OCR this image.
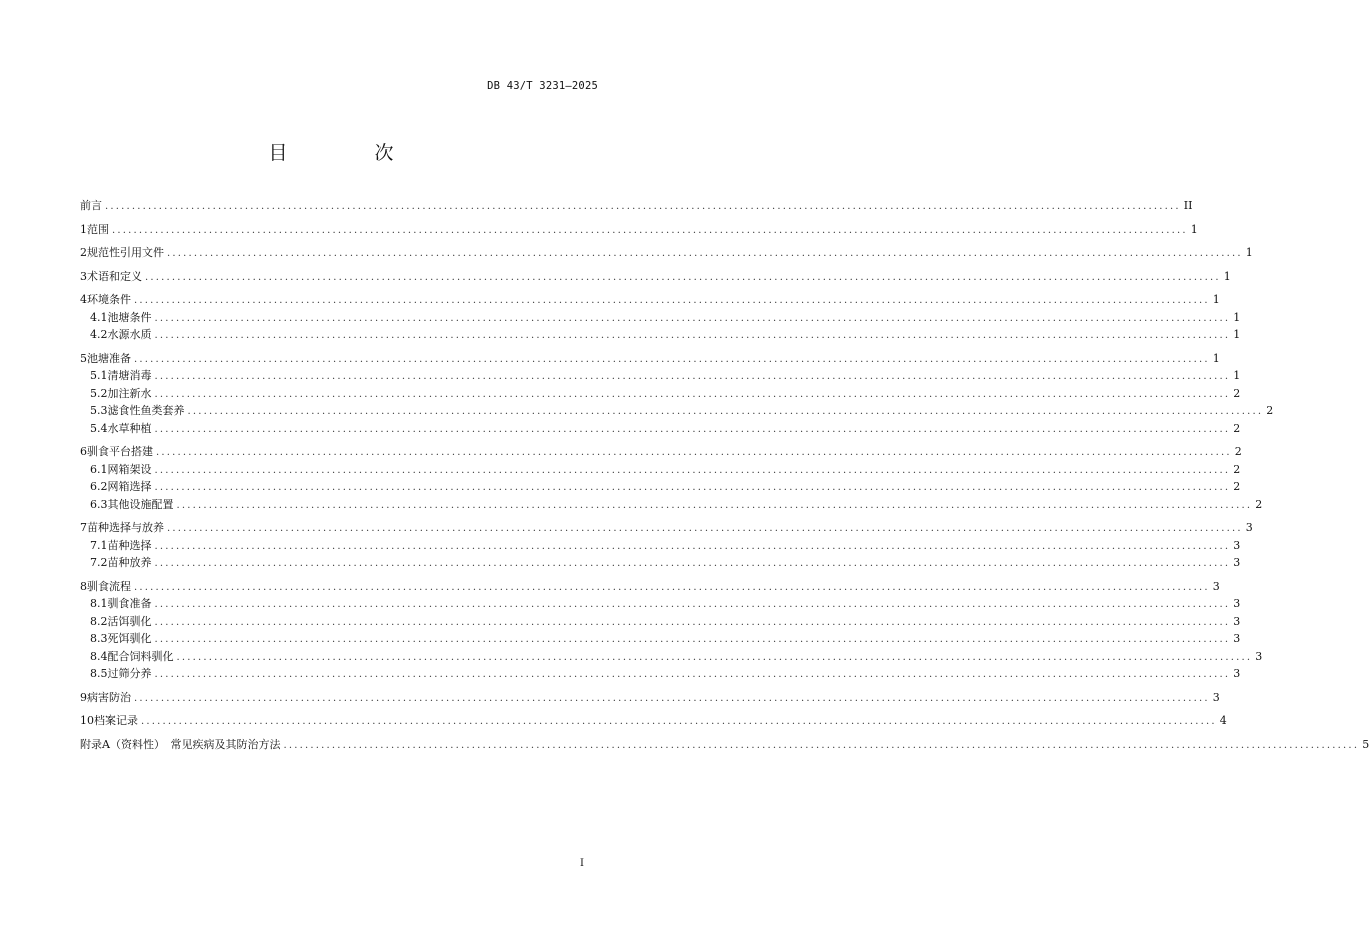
DB 43/T 3231—2025
目　次
前言 ........................................................................................................................................................................................................ II
1 范围 ........................................................................................................................................................................................................ 1
2 规范性引用文件 ........................................................................................................................................................................................................ 1
3 术语和定义 ........................................................................................................................................................................................................ 1
4 环境条件 ........................................................................................................................................................................................................ 1
4.1 池塘条件 ........................................................................................................................................................................................................ 1
4.2 水源水质 ........................................................................................................................................................................................................ 1
5 池塘准备 ........................................................................................................................................................................................................ 1
5.1 清塘消毒 ........................................................................................................................................................................................................ 1
5.2 加注新水 ........................................................................................................................................................................................................ 2
5.3 滤食性鱼类套养 ........................................................................................................................................................................................................ 2
5.4 水草种植 ........................................................................................................................................................................................................ 2
6 驯食平台搭建 ........................................................................................................................................................................................................ 2
6.1 网箱架设 ........................................................................................................................................................................................................ 2
6.2 网箱选择 ........................................................................................................................................................................................................ 2
6.3 其他设施配置 ........................................................................................................................................................................................................ 2
7 苗种选择与放养 ........................................................................................................................................................................................................ 3
7.1 苗种选择 ........................................................................................................................................................................................................ 3
7.2 苗种放养 ........................................................................................................................................................................................................ 3
8 驯食流程 ........................................................................................................................................................................................................ 3
8.1 驯食准备 ........................................................................................................................................................................................................ 3
8.2 活饵驯化 ........................................................................................................................................................................................................ 3
8.3 死饵驯化 ........................................................................................................................................................................................................ 3
8.4 配合饲料驯化 ........................................................................................................................................................................................................ 3
8.5 过筛分养 ........................................................................................................................................................................................................ 3
9 病害防治 ........................................................................................................................................................................................................ 3
10 档案记录 ........................................................................................................................................................................................................ 4
附录A（资料性）　常见疾病及其防治方法 ........................................................................................................................................................................................................ 5
I
